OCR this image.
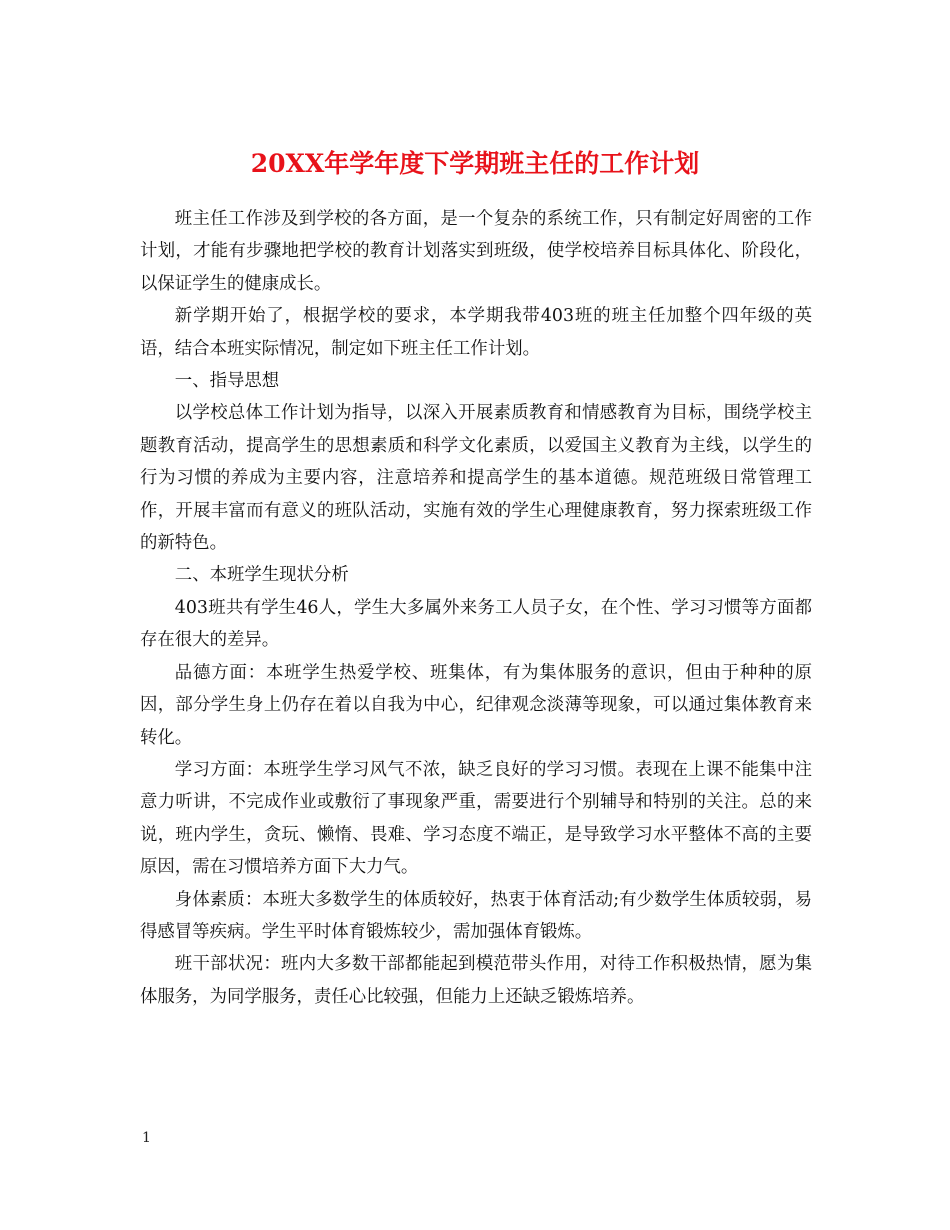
20XX年学年度下学期班主任的工作计划

班主任工作涉及到学校的各方面，是一个复杂的系统工作，只有制定好周密的工作计划，才能有步骤地把学校的教育计划落实到班级，使学校培养目标具体化、阶段化，以保证学生的健康成长。

新学期开始了，根据学校的要求，本学期我带403班的班主任加整个四年级的英语，结合本班实际情况，制定如下班主任工作计划。

一、指导思想

以学校总体工作计划为指导，以深入开展素质教育和情感教育为目标，围绕学校主题教育活动，提高学生的思想素质和科学文化素质，以爱国主义教育为主线，以学生的行为习惯的养成为主要内容，注意培养和提高学生的基本道德。规范班级日常管理工作，开展丰富而有意义的班队活动，实施有效的学生心理健康教育，努力探索班级工作的新特色。

二、本班学生现状分析

403班共有学生46人，学生大多属外来务工人员子女，在个性、学习习惯等方面都存在很大的差异。

品德方面：本班学生热爱学校、班集体，有为集体服务的意识，但由于种种的原因，部分学生身上仍存在着以自我为中心，纪律观念淡薄等现象，可以通过集体教育来转化。

学习方面：本班学生学习风气不浓，缺乏良好的学习习惯。表现在上课不能集中注意力听讲，不完成作业或敷衍了事现象严重，需要进行个别辅导和特别的关注。总的来说，班内学生，贪玩、懒惰、畏难、学习态度不端正，是导致学习水平整体不高的主要原因，需在习惯培养方面下大力气。

身体素质：本班大多数学生的体质较好，热衷于体育活动;有少数学生体质较弱，易得感冒等疾病。学生平时体育锻炼较少，需加强体育锻炼。

班干部状况：班内大多数干部都能起到模范带头作用，对待工作积极热情，愿为集体服务，为同学服务，责任心比较强，但能力上还缺乏锻炼培养。

1
